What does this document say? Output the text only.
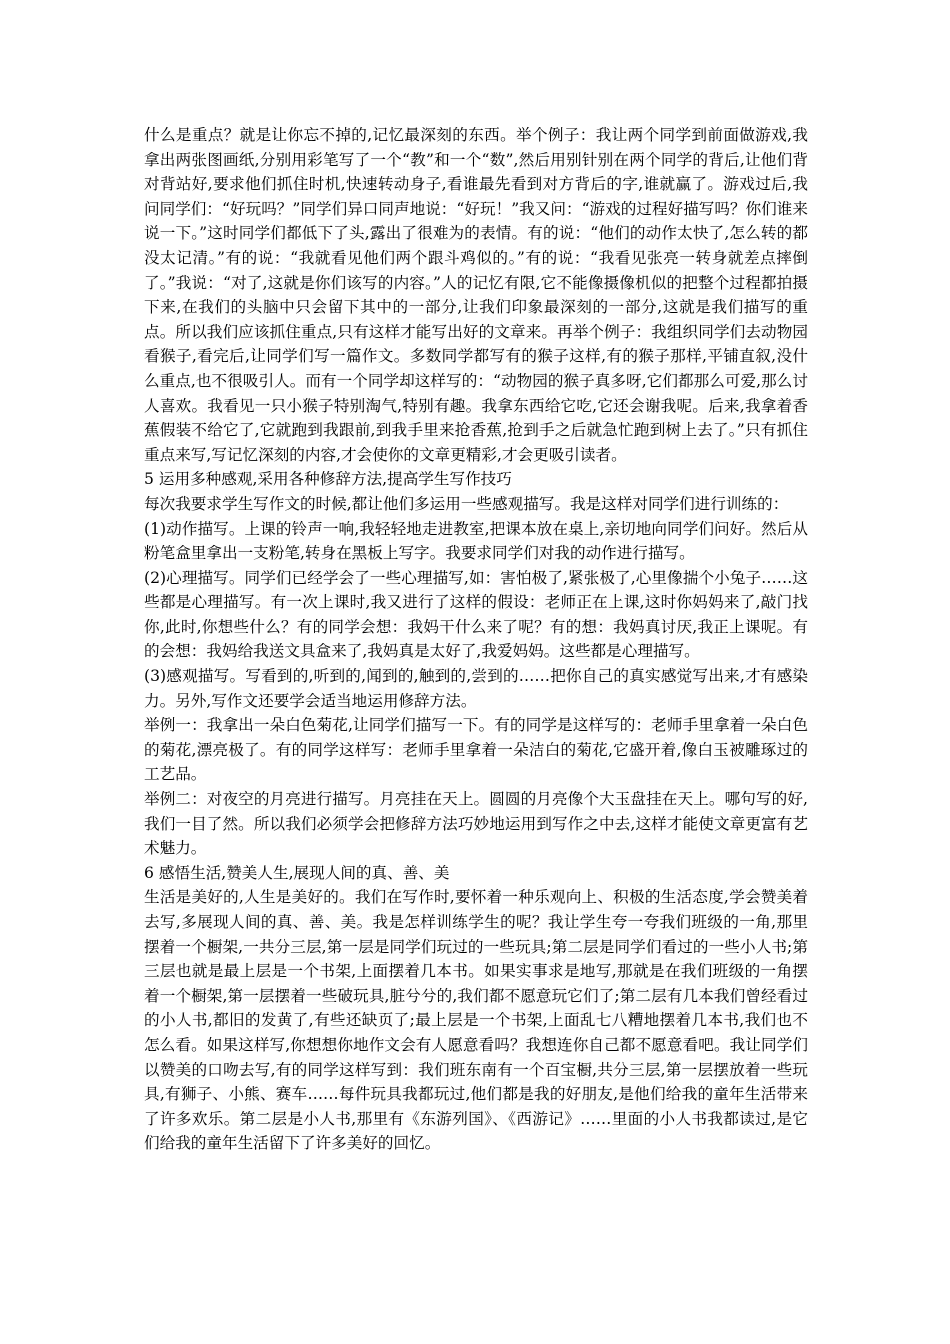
什么是重点？就是让你忘不掉的,记忆最深刻的东西。举个例子：我让两个同学到前面做游戏,我拿出两张图画纸,分别用彩笔写了一个“教”和一个“数”,然后用别针别在两个同学的背后,让他们背对背站好,要求他们抓住时机,快速转动身子,看谁最先看到对方背后的字,谁就赢了。游戏过后,我问同学们：“好玩吗？”同学们异口同声地说：“好玩！”我又问：“游戏的过程好描写吗？你们谁来说一下。”这时同学们都低下了头,露出了很难为的表情。有的说：“他们的动作太快了,怎么转的都没太记清。”有的说：“我就看见他们两个跟斗鸡似的。”有的说：“我看见张亮一转身就差点摔倒了。”我说：“对了,这就是你们该写的内容。”人的记忆有限,它不能像摄像机似的把整个过程都拍摄下来,在我们的头脑中只会留下其中的一部分,让我们印象最深刻的一部分,这就是我们描写的重点。所以我们应该抓住重点,只有这样才能写出好的文章来。再举个例子：我组织同学们去动物园看猴子,看完后,让同学们写一篇作文。多数同学都写有的猴子这样,有的猴子那样,平铺直叙,没什么重点,也不很吸引人。而有一个同学却这样写的：“动物园的猴子真多呀,它们都那么可爱,那么讨人喜欢。我看见一只小猴子特别淘气,特别有趣。我拿东西给它吃,它还会谢我呢。后来,我拿着香蕉假装不给它了,它就跑到我跟前,到我手里来抢香蕉,抢到手之后就急忙跑到树上去了。”只有抓住重点来写,写记忆深刻的内容,才会使你的文章更精彩,才会更吸引读者。

5 运用多种感观,采用各种修辞方法,提高学生写作技巧

每次我要求学生写作文的时候,都让他们多运用一些感观描写。我是这样对同学们进行训练的：

(1)动作描写。上课的铃声一响,我轻轻地走进教室,把课本放在桌上,亲切地向同学们问好。然后从粉笔盒里拿出一支粉笔,转身在黑板上写字。我要求同学们对我的动作进行描写。

(2)心理描写。同学们已经学会了一些心理描写,如：害怕极了,紧张极了,心里像揣个小兔子……这些都是心理描写。有一次上课时,我又进行了这样的假设：老师正在上课,这时你妈妈来了,敲门找你,此时,你想些什么？有的同学会想：我妈干什么来了呢？有的想：我妈真讨厌,我正上课呢。有的会想：我妈给我送文具盒来了,我妈真是太好了,我爱妈妈。这些都是心理描写。

(3)感观描写。写看到的,听到的,闻到的,触到的,尝到的……把你自己的真实感觉写出来,才有感染力。另外,写作文还要学会适当地运用修辞方法。

举例一：我拿出一朵白色菊花,让同学们描写一下。有的同学是这样写的：老师手里拿着一朵白色的菊花,漂亮极了。有的同学这样写：老师手里拿着一朵洁白的菊花,它盛开着,像白玉被雕琢过的工艺品。

举例二：对夜空的月亮进行描写。月亮挂在天上。圆圆的月亮像个大玉盘挂在天上。哪句写的好,我们一目了然。所以我们必须学会把修辞方法巧妙地运用到写作之中去,这样才能使文章更富有艺术魅力。

6 感悟生活,赞美人生,展现人间的真、善、美

生活是美好的,人生是美好的。我们在写作时,要怀着一种乐观向上、积极的生活态度,学会赞美着去写,多展现人间的真、善、美。我是怎样训练学生的呢？我让学生夸一夸我们班级的一角,那里摆着一个橱架,一共分三层,第一层是同学们玩过的一些玩具;第二层是同学们看过的一些小人书;第三层也就是最上层是一个书架,上面摆着几本书。如果实事求是地写,那就是在我们班级的一角摆着一个橱架,第一层摆着一些破玩具,脏兮兮的,我们都不愿意玩它们了;第二层有几本我们曾经看过的小人书,都旧的发黄了,有些还缺页了;最上层是一个书架,上面乱七八糟地摆着几本书,我们也不怎么看。如果这样写,你想想你地作文会有人愿意看吗？我想连你自己都不愿意看吧。我让同学们以赞美的口吻去写,有的同学这样写到：我们班东南有一个百宝橱,共分三层,第一层摆放着一些玩具,有狮子、小熊、赛车……每件玩具我都玩过,他们都是我的好朋友,是他们给我的童年生活带来了许多欢乐。第二层是小人书,那里有《东游列国》、《西游记》……里面的小人书我都读过,是它们给我的童年生活留下了许多美好的回忆。
